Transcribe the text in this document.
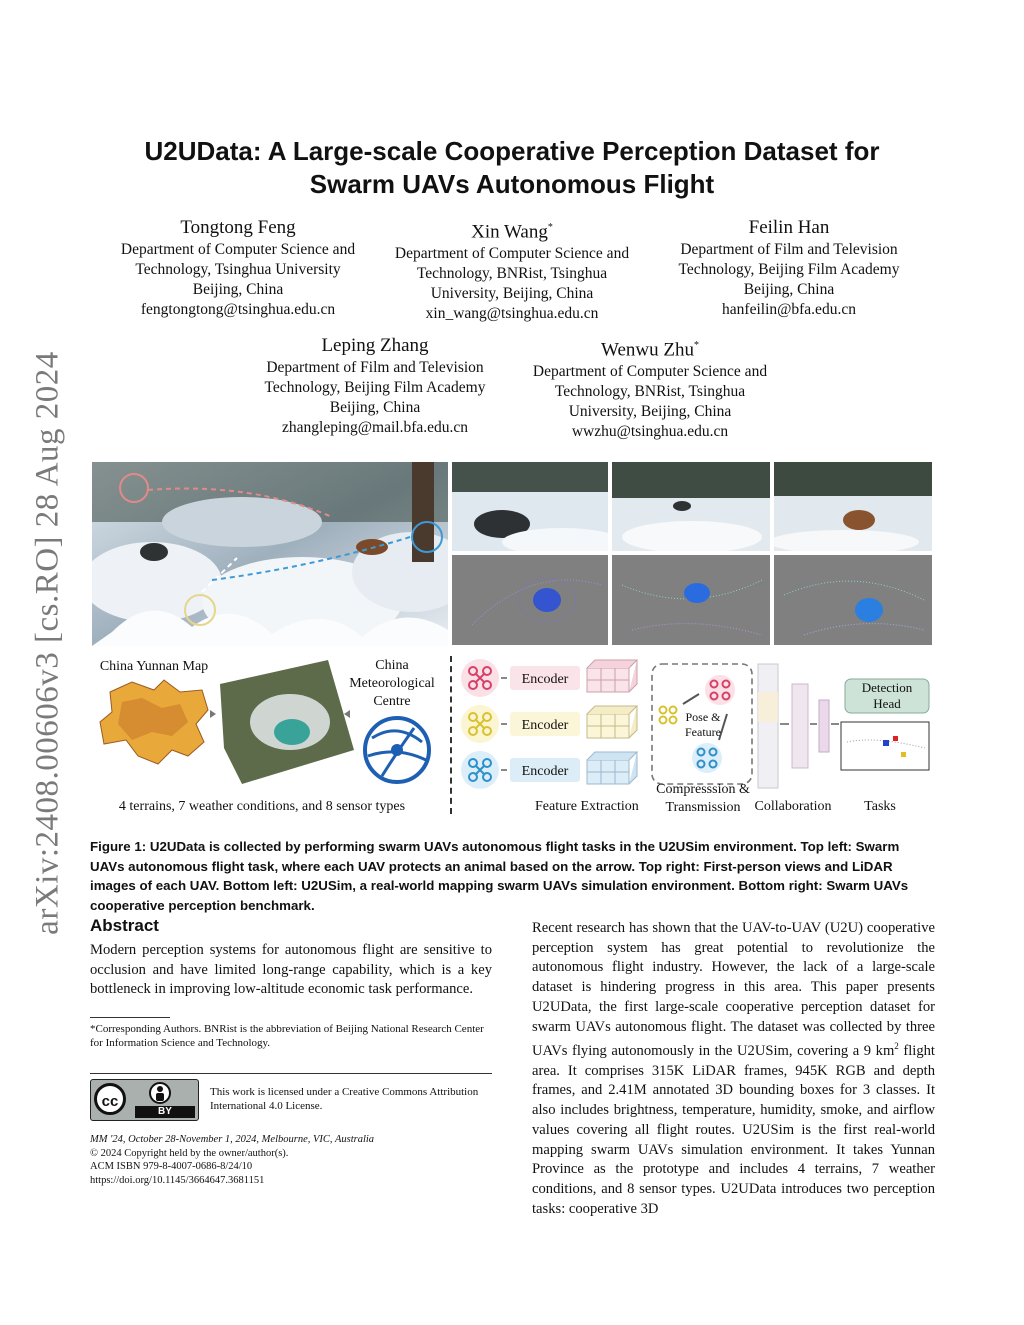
arXiv:2408.00606v3 [cs.RO] 28 Aug 2024
U2UData: A Large-scale Cooperative Perception Dataset for
Swarm UAVs Autonomous Flight
Tongtong Feng
Department of Computer Science and
Technology, Tsinghua University
Beijing, China
fengtongtong@tsinghua.edu.cn
Xin Wang*
Department of Computer Science and
Technology, BNRist, Tsinghua
University, Beijing, China
xin_wang@tsinghua.edu.cn
Feilin Han
Department of Film and Television
Technology, Beijing Film Academy
Beijing, China
hanfeilin@bfa.edu.cn
Leping Zhang
Department of Film and Television
Technology, Beijing Film Academy
Beijing, China
zhangleping@mail.bfa.edu.cn
Wenwu Zhu*
Department of Computer Science and
Technology, BNRist, Tsinghua
University, Beijing, China
wwzhu@tsinghua.edu.cn
China Yunnan Map	China
Meteorological
Centre
4 terrains, 7 weather conditions, and 8 sensor types
Encoder
Encoder
Encoder
Pose &
Feature
Detection
Head
Feature Extraction
Compresssion &
Transmission Collaboration Tasks
Figure 1: U2UData is collected by performing swarm UAVs autonomous flight tasks in the U2USim environment. Top left: Swarm UAVs autonomous flight task, where each UAV protects an animal based on the arrow. Top right: First-person views and LiDAR images of each UAV. Bottom left: U2USim, a real-world mapping swarm UAVs simulation environment. Bottom right: Swarm UAVs cooperative perception benchmark.
Abstract
Modern perception systems for autonomous flight are sensitive to occlusion and have limited long-range capability, which is a key bottleneck in improving low-altitude economic task performance.
*Corresponding Authors. BNRist is the abbreviation of Beijing National Research Center for Information Science and Technology.
cc
BY
This work is licensed under a Creative Commons Attribution International 4.0 License.
MM '24, October 28-November 1, 2024, Melbourne, VIC, Australia
© 2024 Copyright held by the owner/author(s).
ACM ISBN 979-8-4007-0686-8/24/10
https://doi.org/10.1145/3664647.3681151
Recent research has shown that the UAV-to-UAV (U2U) cooperative perception system has great potential to revolutionize the autonomous flight industry. However, the lack of a large-scale dataset is hindering progress in this area. This paper presents U2UData, the first large-scale cooperative perception dataset for swarm UAVs autonomous flight. The dataset was collected by three UAVs flying autonomously in the U2USim, covering a 9 $km^2$ flight area. It comprises 315K LiDAR frames, 945K RGB and depth frames, and 2.41M annotated 3D bounding boxes for 3 classes. It also includes brightness, temperature, humidity, smoke, and airflow values covering all flight routes. U2USim is the first real-world mapping swarm UAVs simulation environment. It takes Yunnan Province as the prototype and includes 4 terrains, 7 weather conditions, and 8 sensor types. U2UData introduces two perception tasks: cooperative 3D
